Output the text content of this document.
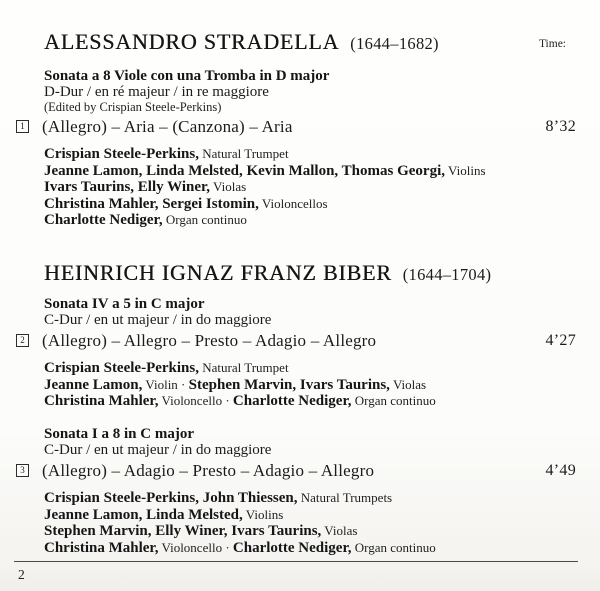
Time:
ALESSANDRO STRADELLA (1644–1682)
Sonata a 8 Viole con una Tromba in D major
D-Dur / en ré majeur / in re maggiore
(Edited by Crispian Steele-Perkins)
1 (Allegro) – Aria – (Canzona) – Aria	8’32
Crispian Steele-Perkins, Natural Trumpet
Jeanne Lamon, Linda Melsted, Kevin Mallon, Thomas Georgi, Violins
Ivars Taurins, Elly Winer, Violas
Christina Mahler, Sergei Istomin, Violoncellos
Charlotte Nediger, Organ continuo
HEINRICH IGNAZ FRANZ BIBER (1644–1704)
Sonata IV a 5 in C major
C-Dur / en ut majeur / in do maggiore
2 (Allegro) – Allegro – Presto – Adagio – Allegro	4’27
Crispian Steele-Perkins, Natural Trumpet
Jeanne Lamon, Violin · Stephen Marvin, Ivars Taurins, Violas
Christina Mahler, Violoncello · Charlotte Nediger, Organ continuo
Sonata I a 8 in C major
C-Dur / en ut majeur / in do maggiore
3 (Allegro) – Adagio – Presto – Adagio – Allegro	4’49
Crispian Steele-Perkins, John Thiessen, Natural Trumpets
Jeanne Lamon, Linda Melsted, Violins
Stephen Marvin, Elly Winer, Ivars Taurins, Violas
Christina Mahler, Violoncello · Charlotte Nediger, Organ continuo
2
